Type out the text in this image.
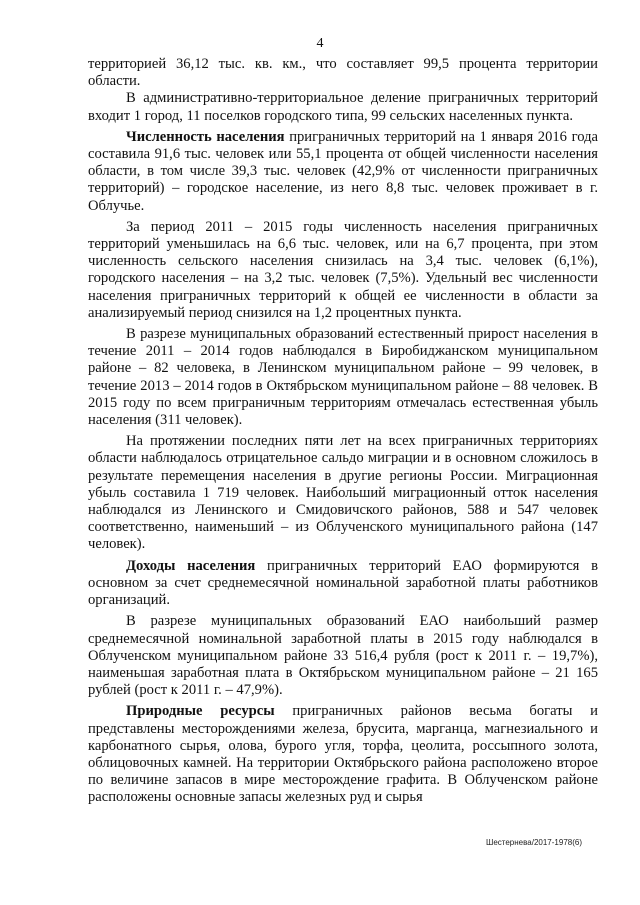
4

территорией 36,12 тыс. кв. км., что составляет 99,5 процента территории области.

В административно-территориальное деление приграничных территорий входит 1 город, 11 поселков городского типа, 99 сельских населенных пункта.

Численность населения приграничных территорий на 1 января 2016 года составила 91,6 тыс. человек или 55,1 процента от общей численности населения области, в том числе 39,3 тыс. человек (42,9% от численности приграничных территорий) – городское население, из него 8,8 тыс. человек проживает в г. Облучье.

За период 2011 – 2015 годы численность населения приграничных территорий уменьшилась на 6,6 тыс. человек, или на 6,7 процента, при этом численность сельского населения снизилась на 3,4 тыс. человек (6,1%), городского населения – на 3,2 тыс. человек (7,5%). Удельный вес численности населения приграничных территорий к общей ее численности в области за анализируемый период снизился на 1,2 процентных пункта.

В разрезе муниципальных образований естественный прирост населения в течение 2011 – 2014 годов наблюдался в Биробиджанском муниципальном районе – 82 человека, в Ленинском муниципальном районе – 99 человек, в течение 2013 – 2014 годов в Октябрьском муниципальном районе – 88 человек. В 2015 году по всем приграничным территориям отмечалась естественная убыль населения (311 человек).

На протяжении последних пяти лет на всех приграничных территориях области наблюдалось отрицательное сальдо миграции и в основном сложилось в результате перемещения населения в другие регионы России. Миграционная убыль составила 1 719 человек. Наибольший миграционный отток населения наблюдался из Ленинского и Смидовичского районов, 588 и 547 человек соответственно, наименьший – из Облученского муниципального района (147 человек).

Доходы населения приграничных территорий ЕАО формируются в основном за счет среднемесячной номинальной заработной платы работников организаций.

В разрезе муниципальных образований ЕАО наибольший размер среднемесячной номинальной заработной платы в 2015 году наблюдался в Облученском муниципальном районе 33 516,4 рубля (рост к 2011 г. – 19,7%), наименьшая заработная плата в Октябрьском муниципальном районе – 21 165 рублей (рост к 2011 г. – 47,9%).

Природные ресурсы приграничных районов весьма богаты и представлены месторождениями железа, брусита, марганца, магнезиального и карбонатного сырья, олова, бурого угля, торфа, цеолита, россыпного золота, облицовочных камней. На территории Октябрьского района расположено второе по величине запасов в мире месторождение графита. В Облученском районе расположены основные запасы железных руд и сырья

Шестернева/2017-1978(6)
